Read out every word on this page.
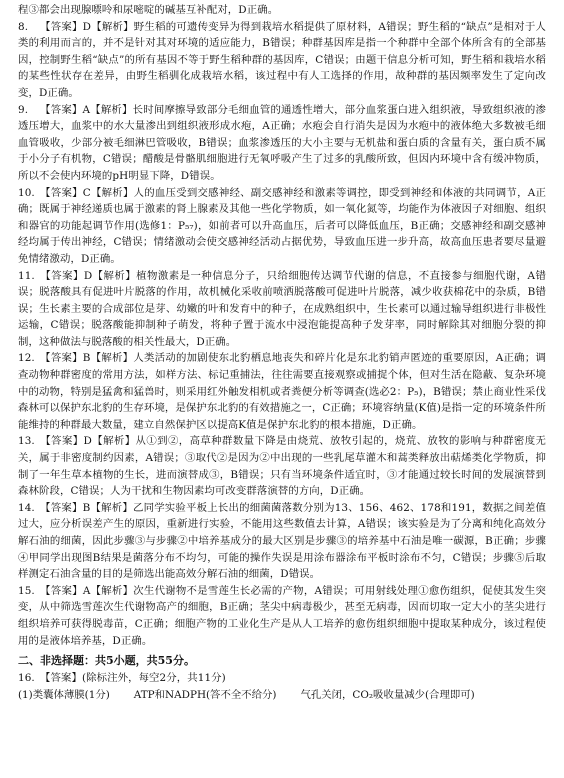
程③都会出现腺嘌呤和尿嘧啶的碱基互补配对，D正确。

8. 【答案】D【解析】野生稻的可遗传变异为得到栽培水稻提供了原材料，A错误；野生稻的“缺点”是相对于人类的利用而言的，并不是针对其对环境的适应能力，B错误；种群基因库是指一个种群中全部个体所含有的全部基因，控制野生稻“缺点”的所有基因不等于野生稻种群的基因库，C错误；由题干信息分析可知，野生稻和栽培水稻的某些性状存在差异，由野生稻驯化成栽培水稻，该过程中有人工选择的作用，故种群的基因频率发生了定向改变，D正确。
9. 【答案】A【解析】长时间摩擦导致部分毛细血管的通透性增大，部分血浆蛋白进入组织液，导致组织液的渗透压增大，血浆中的水大量渗出到组织液形成水疱，A正确；水疱会自行消失是因为水疱中的液体绝大多数被毛细血管吸收，少部分被毛细淋巴管吸收，B错误；血浆渗透压的大小主要与无机盐和蛋白质的含量有关，蛋白质不属于小分子有机物，C错误；醋酸是骨骼肌细胞进行无氧呼吸产生了过多的乳酸所致，但因内环境中含有缓冲物质，所以不会使内环境的pH明显下降，D错误。
10. 【答案】C【解析】人的血压受到交感神经、副交感神经和激素等调控，即受到神经和体液的共同调节，A正确；既属于神经递质也属于激素的肾上腺素及其他一些化学物质，如一氧化氮等，均能作为体液因子对细胞、组织和器官的功能起调节作用(选修1：P₅₇)，如前者可以升高血压，后者可以降低血压，B正确；交感神经和副交感神经均属于传出神经，C错误；情绪激动会使交感神经活动占据优势，导致血压进一步升高，故高血压患者要尽量避免情绪激动，D正确。
11. 【答案】D【解析】植物激素是一种信息分子，只给细胞传达调节代谢的信息，不直接参与细胞代谢，A错误；脱落酸具有促进叶片脱落的作用，故机械化采收前喷洒脱落酸可促进叶片脱落，减少收获棉花中的杂质，B错误；生长素主要的合成部位是芽、幼嫩的叶和发育中的种子，在成熟组织中，生长素可以通过输导组织进行非极性运输，C错误；脱落酸能抑制种子萌发，将种子置于流水中浸泡能提高种子发芽率，同时解除其对细胞分裂的抑制，这种做法与脱落酸的相关性最大，D正确。
12. 【答案】B【解析】人类活动的加剧使东北豹栖息地丧失和碎片化是东北豹销声匿迹的重要原因，A正确；调查动物种群密度的常用方法，如样方法、标记重捕法，往往需要直接观察或捕捉个体，但对生活在隐蔽、复杂环境中的动物，特别是猛禽和猛兽时，则采用红外触发相机或者粪便分析等调查(选必2：P₅)，B错误；禁止商业性采伐森林可以保护东北豹的生存环境，是保护东北豹的有效措施之一，C正确；环境容纳量(K值)是指一定的环境条件所能维持的种群最大数量，建立自然保护区以提高K值是保护东北豹的根本措施，D正确。
13. 【答案】D【解析】从①到②，高草种群数量下降是由烧荒、放牧引起的，烧荒、放牧的影响与种群密度无关，属于非密度制约因素，A错误；③取代②是因为②中出现的一些乳尾草灌木和蒿类释放出萜烯类化学物质，抑制了一年生草本植物的生长，进而演替成③，B错误；只有当环境条件适宜时，③才能通过较长时间的发展演替到森林阶段，C错误；人为干扰和生物因素均可改变群落演替的方向，D正确。
14. 【答案】B【解析】乙同学实验平板上长出的细菌菌落数分别为13、156、462、178和191，数据之间差值过大，应分析误差产生的原因，重新进行实验，不能用这些数值去计算，A错误；该实验是为了分离和纯化高效分解石油的细菌，因此步骤③与步骤②中培养基成分的最大区别是步骤③的培养基中石油是唯一碳源，B正确；步骤④甲同学出现图B结果是菌落分布不均匀，可能的操作失误是用涂布器涂布平板时涂布不匀，C错误；步骤⑤后取样测定石油含量的目的是筛选出能高效分解石油的细菌，D错误。
15. 【答案】A【解析】次生代谢物不是雪莲生长必需的产物，A错误；可用射线处理①愈伤组织，促使其发生突变，从中筛选雪莲次生代谢物高产的细胞，B正确；茎尖中病毒极少，甚至无病毒，因而切取一定大小的茎尖进行组织培养可获得脱毒苗，C正确；细胞产物的工业化生产是从人工培养的愈伤组织细胞中提取某种成分，该过程使用的是液体培养基，D正确。
二、非选择题：共5小题，共55分。
16. 【答案】(除标注外，每空2分，共11分)
(1)类囊体薄膜(1分) ATP和NADPH(答不全不给分) 气孔关闭，CO₂吸收量减少(合理即可)
